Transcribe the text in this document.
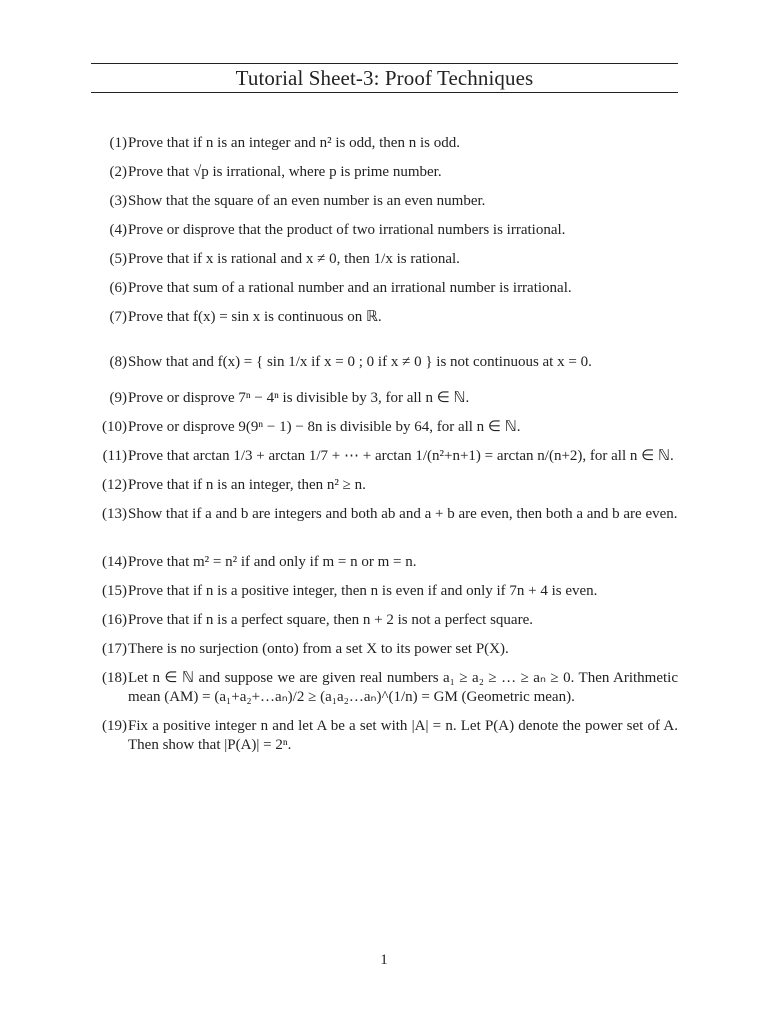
Tutorial Sheet-3: Proof Techniques
(1) Prove that if n is an integer and n² is odd, then n is odd.
(2) Prove that √p is irrational, where p is prime number.
(3) Show that the square of an even number is an even number.
(4) Prove or disprove that the product of two irrational numbers is irrational.
(5) Prove that if x is rational and x ≠ 0, then 1/x is rational.
(6) Prove that sum of a rational number and an irrational number is irrational.
(7) Prove that f(x) = sin x is continuous on ℝ.
(8) Show that and f(x) = { sin 1/x if x = 0 ; 0 if x ≠ 0 } is not continuous at x = 0.
(9) Prove or disprove 7ⁿ − 4ⁿ is divisible by 3, for all n ∈ ℕ.
(10) Prove or disprove 9(9ⁿ − 1) − 8n is divisible by 64, for all n ∈ ℕ.
(11) Prove that arctan 1/3 + arctan 1/7 + ⋯ + arctan 1/(n²+n+1) = arctan n/(n+2), for all n ∈ ℕ.
(12) Prove that if n is an integer, then n² ≥ n.
(13) Show that if a and b are integers and both ab and a + b are even, then both a and b are even.
(14) Prove that m² = n² if and only if m = n or m = n.
(15) Prove that if n is a positive integer, then n is even if and only if 7n + 4 is even.
(16) Prove that if n is a perfect square, then n + 2 is not a perfect square.
(17) There is no surjection (onto) from a set X to its power set P(X).
(18) Let n ∈ ℕ and suppose we are given real numbers a₁ ≥ a₂ ≥ … ≥ aₙ ≥ 0. Then Arithmetic mean (AM) = (a₁+a₂+…aₙ)/2 ≥ (a₁a₂…aₙ)^(1/n) = GM (Geometric mean).
(19) Fix a positive integer n and let A be a set with |A| = n. Let P(A) denote the power set of A. Then show that |P(A)| = 2ⁿ.
1
